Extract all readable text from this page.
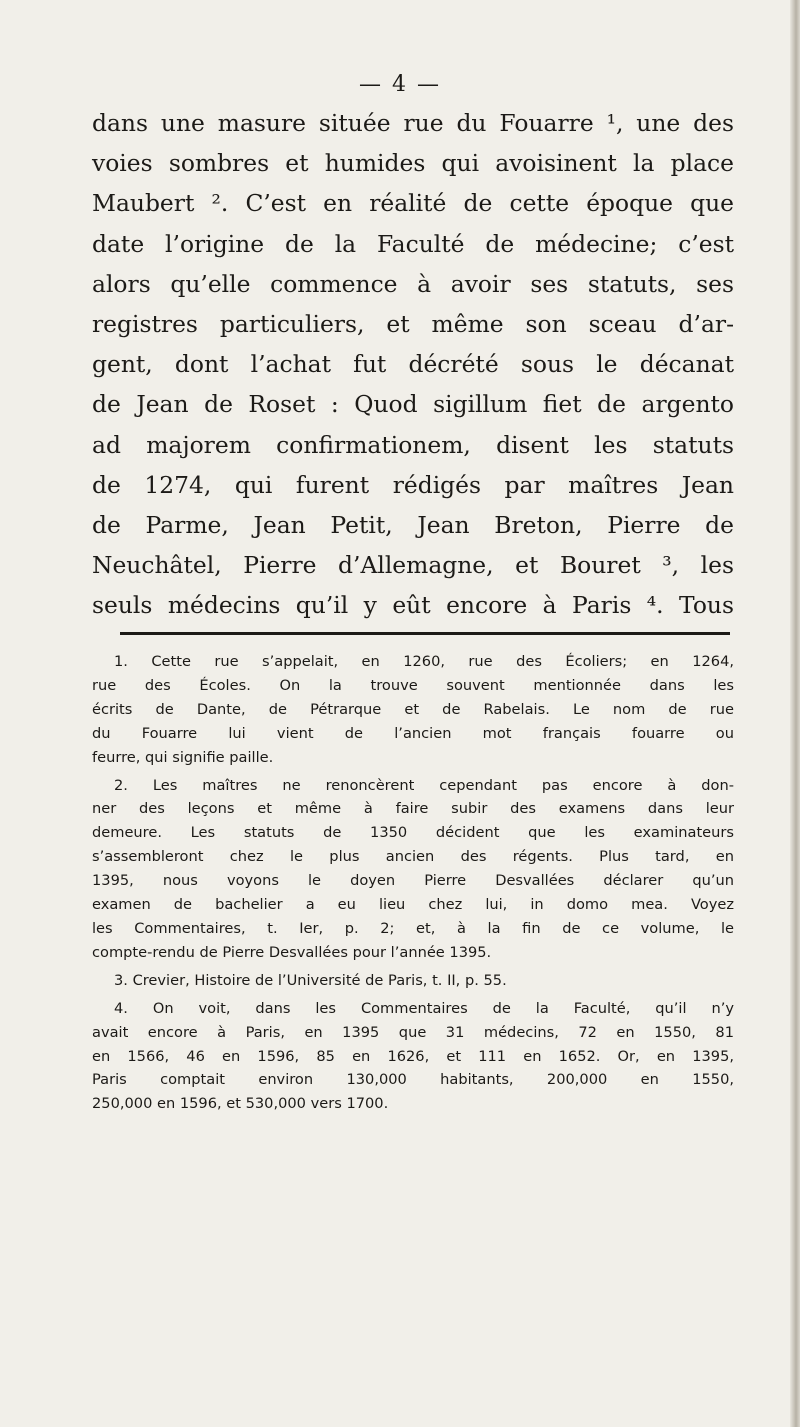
— 4 —
dans une masure située rue du Fouarre ¹, une des
voies sombres et humides qui avoisinent la place
Maubert ². C’est en réalité de cette époque que
date l’origine de la Faculté de médecine; c’est
alors qu’elle commence à avoir ses statuts, ses
registres particuliers, et même son sceau d’ar-
gent, dont l’achat fut décrété sous le décanat
de Jean de Roset : Quod sigillum fiet de argento
ad majorem confirmationem, disent les statuts
de 1274, qui furent rédigés par maîtres Jean
de Parme, Jean Petit, Jean Breton, Pierre de
Neuchâtel, Pierre d’Allemagne, et Bouret ³, les
seuls médecins qu’il y eût encore à Paris ⁴. Tous
1. Cette rue s’appelait, en 1260, rue des Écoliers; en 1264,
rue des Écoles. On la trouve souvent mentionnée dans les
écrits de Dante, de Pétrarque et de Rabelais. Le nom de rue
du Fouarre lui vient de l’ancien mot français fouarre ou
feurre, qui signifie paille.
2. Les maîtres ne renoncèrent cependant pas encore à don-
ner des leçons et même à faire subir des examens dans leur
demeure. Les statuts de 1350 décident que les examinateurs
s’assembleront chez le plus ancien des régents. Plus tard, en
1395, nous voyons le doyen Pierre Desvallées déclarer qu’un
examen de bachelier a eu lieu chez lui, in domo mea. Voyez
les Commentaires, t. Ier, p. 2; et, à la fin de ce volume, le
compte-rendu de Pierre Desvallées pour l’année 1395.
3. Crevier, Histoire de l’Université de Paris, t. II, p. 55.
4. On voit, dans les Commentaires de la Faculté, qu’il n’y
avait encore à Paris, en 1395 que 31 médecins, 72 en 1550, 81
en 1566, 46 en 1596, 85 en 1626, et 111 en 1652. Or, en 1395,
Paris comptait environ 130,000 habitants, 200,000 en 1550,
250,000 en 1596, et 530,000 vers 1700.
